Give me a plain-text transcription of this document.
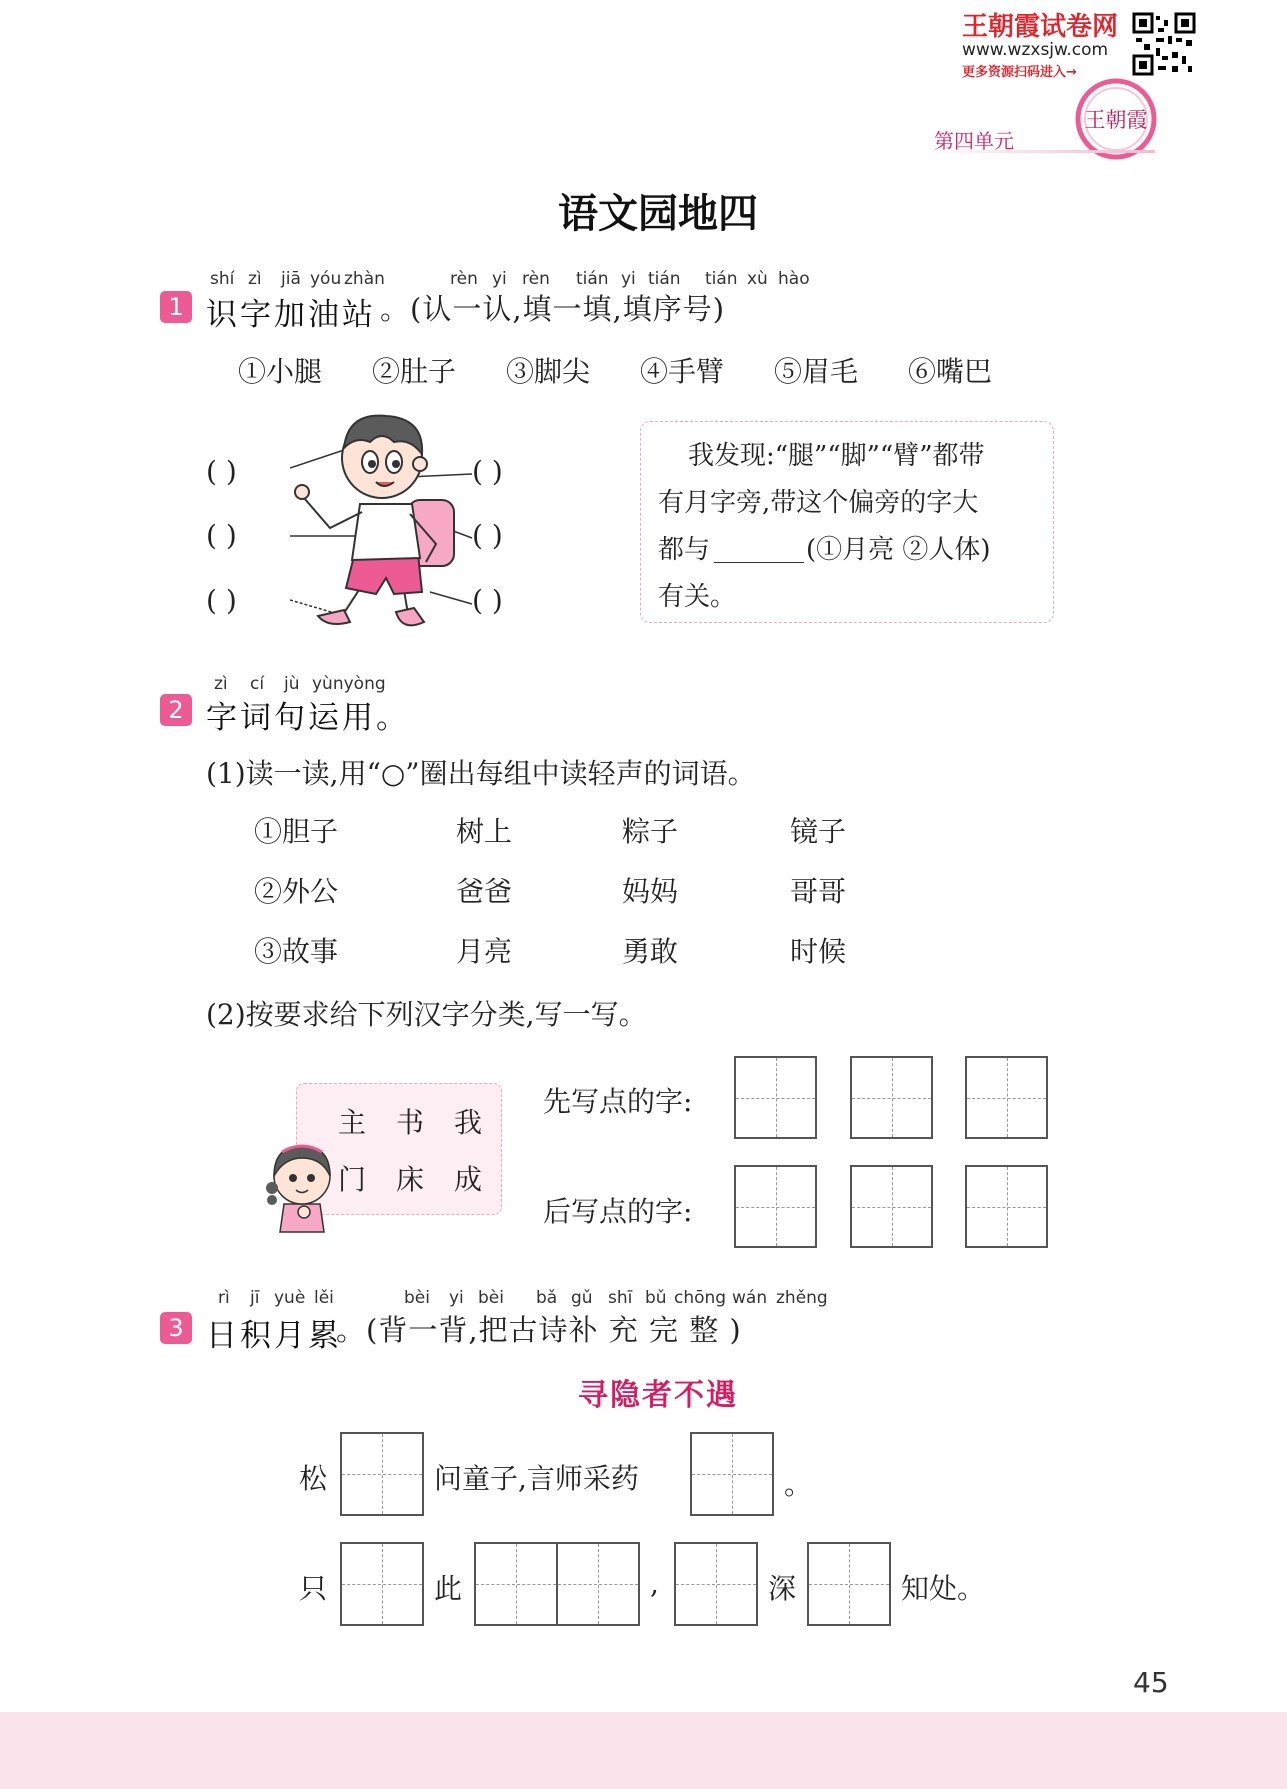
王朝霞试卷网
www.wzxsjw.com
更多资源扫码进入→
王朝霞
第四单元
语文园地四
shí zì jiā yóu zhàn	rèn yi rèn tián yi tián tián xù hào
1 识字加油站 。(认一认,填一填,填序号)
①小腿 ②肚子 ③脚尖 ④手臂 ⑤眉毛 ⑥嘴巴
( )
( )
( )
( )
( )
( )
我发现:“腿”“脚”“臂”都带
有月字旁,带这个偏旁的字大
都与	(①月亮 ②人体)
有关。
zì cí jù yùnyòng
2 字词句运用。
(1)读一读,用“○”圈出每组中读轻声的词语。
①胆子	树上	粽子	镜子
②外公	爸爸	妈妈	哥哥
③故事	月亮	勇敢	时候
(2)按要求给下列汉字分类,写一写。
主 书 我
门 床 成
先写点的字:
后写点的字:
rì jī yuè lěi	bèi yi bèi bǎ gǔ shī bǔ chōng wán zhěng
3 日积月累
。(背一背,把古诗补 充 完 整 )
寻隐者不遇
松	问童子,言师采药	。
只	此	,	深	知处。
45
